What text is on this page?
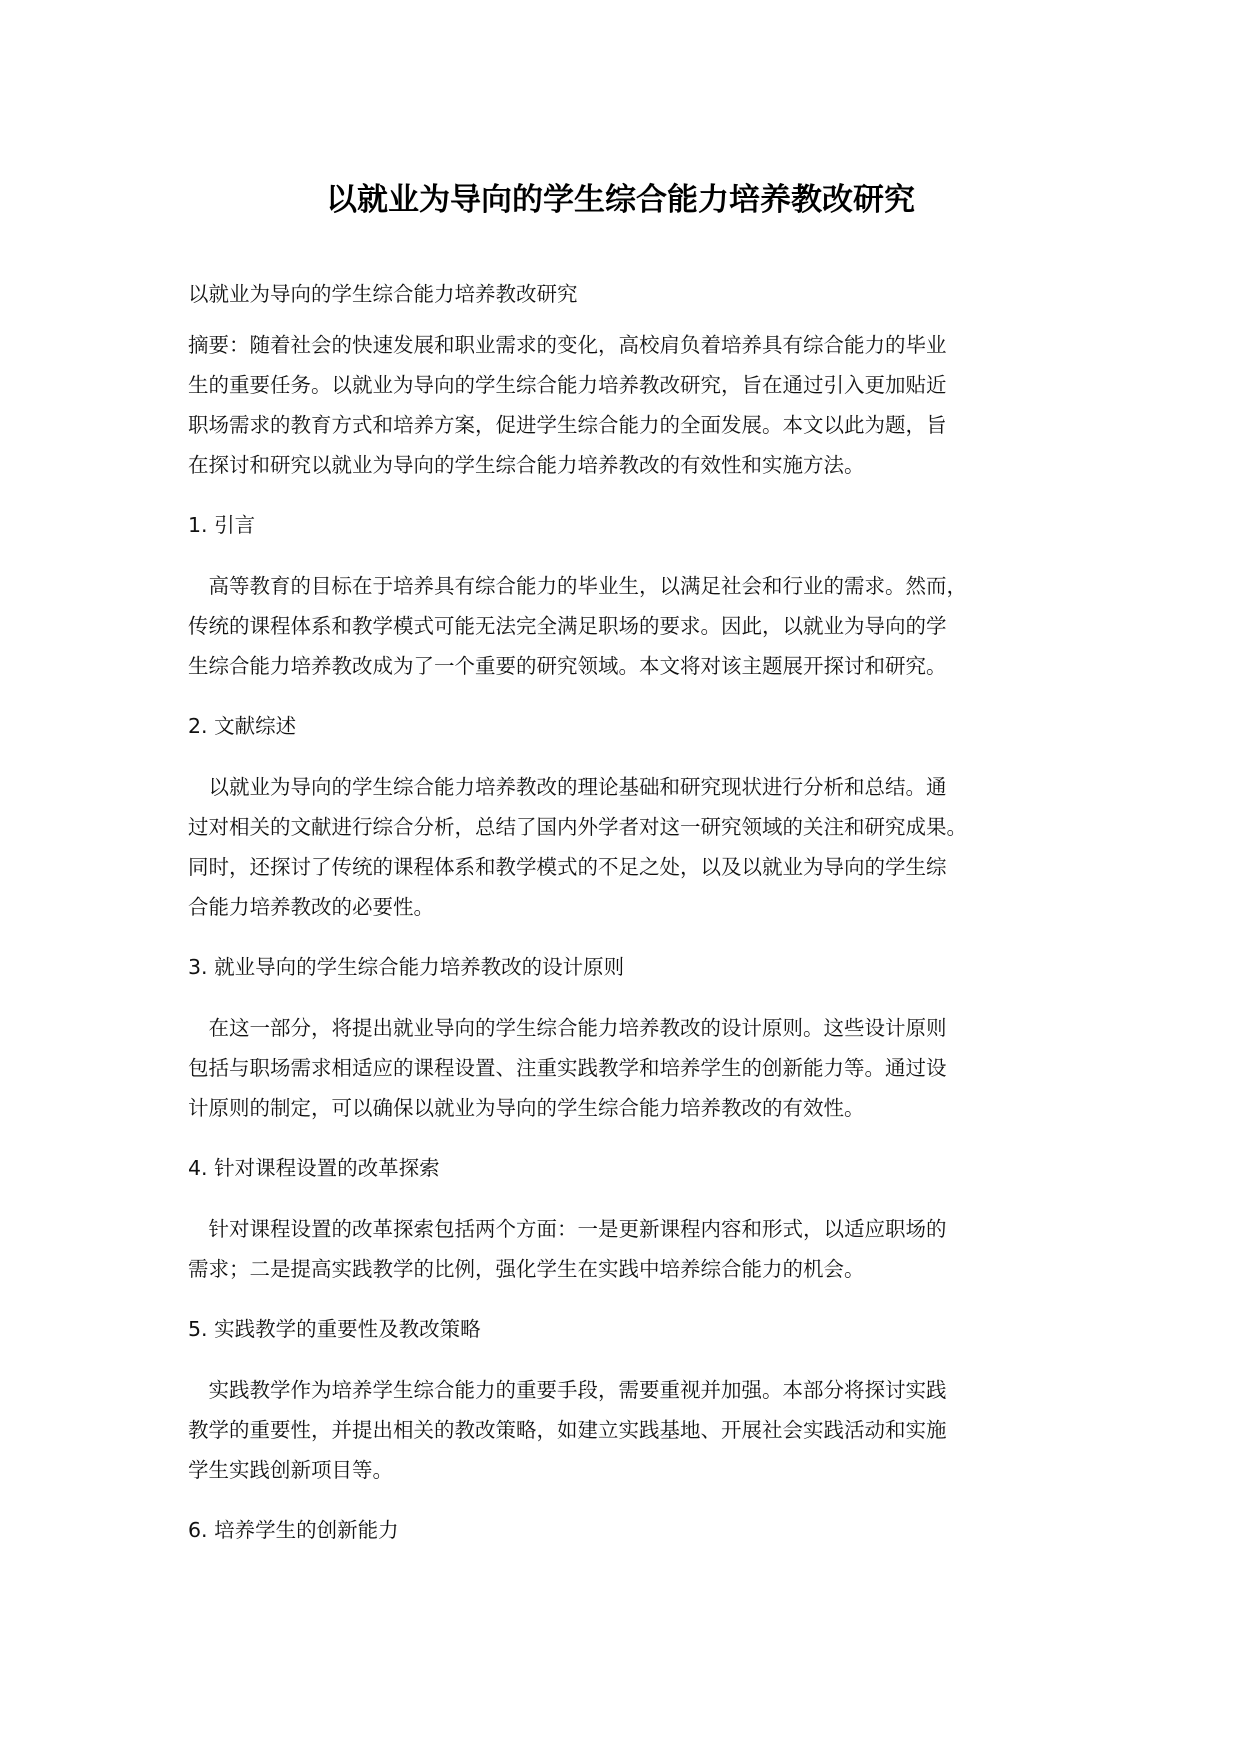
以就业为导向的学生综合能力培养教改研究

以就业为导向的学生综合能力培养教改研究

摘要：随着社会的快速发展和职业需求的变化，高校肩负着培养具有综合能力的毕业
生的重要任务。以就业为导向的学生综合能力培养教改研究，旨在通过引入更加贴近
职场需求的教育方式和培养方案，促进学生综合能力的全面发展。本文以此为题，旨
在探讨和研究以就业为导向的学生综合能力培养教改的有效性和实施方法。

1. 引言

　高等教育的目标在于培养具有综合能力的毕业生，以满足社会和行业的需求。然而，
传统的课程体系和教学模式可能无法完全满足职场的要求。因此，以就业为导向的学
生综合能力培养教改成为了一个重要的研究领域。本文将对该主题展开探讨和研究。

2. 文献综述

　以就业为导向的学生综合能力培养教改的理论基础和研究现状进行分析和总结。通
过对相关的文献进行综合分析，总结了国内外学者对这一研究领域的关注和研究成果。
同时，还探讨了传统的课程体系和教学模式的不足之处，以及以就业为导向的学生综
合能力培养教改的必要性。

3. 就业导向的学生综合能力培养教改的设计原则

　在这一部分，将提出就业导向的学生综合能力培养教改的设计原则。这些设计原则
包括与职场需求相适应的课程设置、注重实践教学和培养学生的创新能力等。通过设
计原则的制定，可以确保以就业为导向的学生综合能力培养教改的有效性。

4. 针对课程设置的改革探索

　针对课程设置的改革探索包括两个方面：一是更新课程内容和形式，以适应职场的
需求；二是提高实践教学的比例，强化学生在实践中培养综合能力的机会。

5. 实践教学的重要性及教改策略

　实践教学作为培养学生综合能力的重要手段，需要重视并加强。本部分将探讨实践
教学的重要性，并提出相关的教改策略，如建立实践基地、开展社会实践活动和实施
学生实践创新项目等。

6. 培养学生的创新能力
